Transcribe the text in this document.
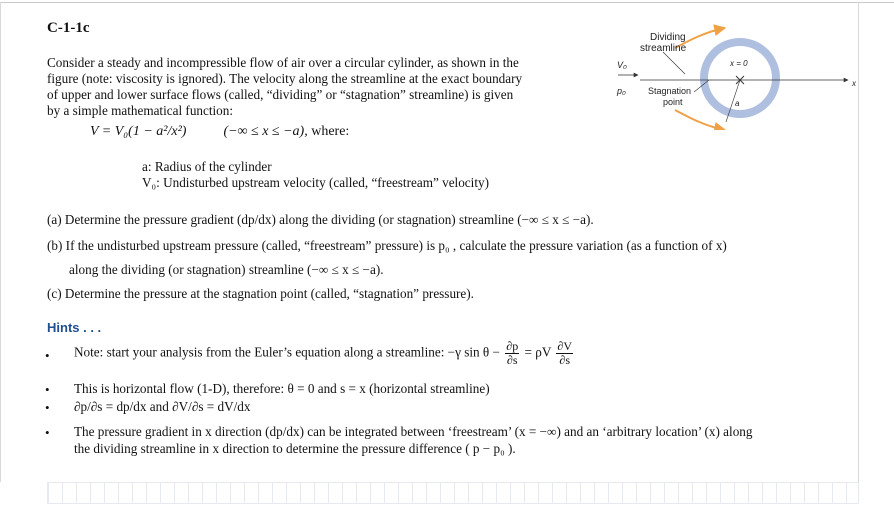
C-1-1c
Consider a steady and incompressible flow of air over a circular cylinder, as shown in the
figure (note: viscosity is ignored). The velocity along the streamline at the exact boundary
of upper and lower surface flows (called, “dividing” or “stagnation” streamline) is given
by a simple mathematical function:
V = V₀(1 − a²/x²)	(−∞ ≤ x ≤ −a), where:
a: Radius of the cylinder
V₀: Undisturbed upstream velocity (called, “freestream” velocity)
(a) Determine the pressure gradient (dp/dx) along the dividing (or stagnation) streamline (−∞ ≤ x ≤ −a).
(b) If the undisturbed upstream pressure (called, “freestream” pressure) is p₀ , calculate the pressure variation (as a function of x)
along the dividing (or stagnation) streamline (−∞ ≤ x ≤ −a).
(c) Determine the pressure at the stagnation point (called, “stagnation” pressure).
Hints . . .
• Note: start your analysis from the Euler’s equation along a streamline: −γ $\sin \theta - \frac{\partial p}{\partial s} = \rho V \frac{\partial V}{\partial s}$
• This is horizontal flow (1-D), therefore: θ = 0 and s = x (horizontal streamline)
• ∂p/∂s = dp/dx and ∂V/∂s = dV/dx
• The pressure gradient in x direction (dp/dx) can be integrated between ‘freestream’ (x = −∞) and an ‘arbitrary location’ (x) along
the dividing streamline in x direction to determine the pressure difference ( p − p₀ ).
Dividing
streamline
V₀
p₀ Stagnation
point
x = 0
x
a
